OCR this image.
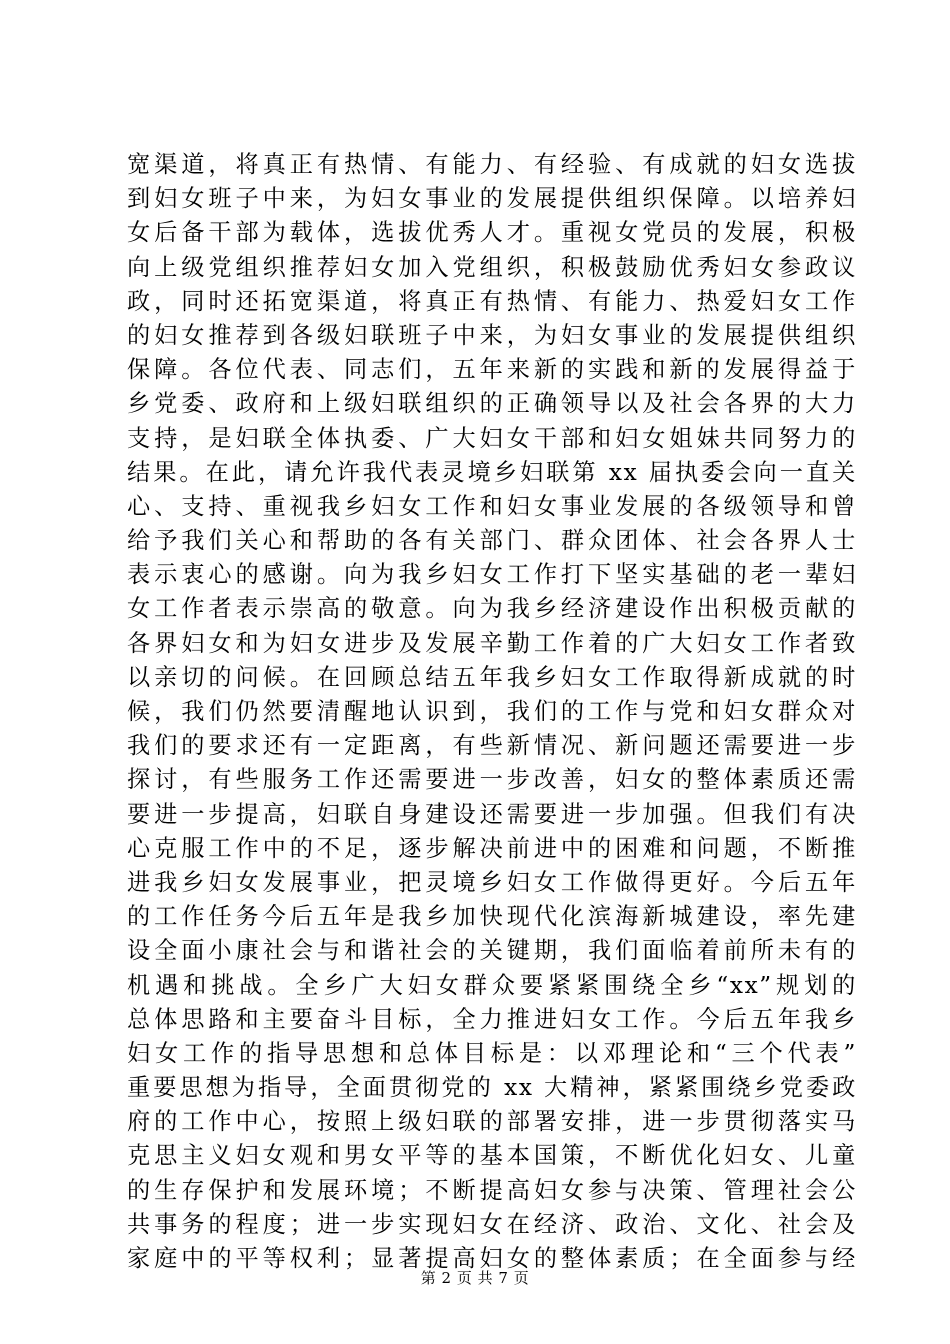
宽渠道，将真正有热情、有能力、有经验、有成就的妇女选拔
到妇女班子中来，为妇女事业的发展提供组织保障。以培养妇
女后备干部为载体，选拔优秀人才。重视女党员的发展，积极
向上级党组织推荐妇女加入党组织，积极鼓励优秀妇女参政议
政，同时还拓宽渠道，将真正有热情、有能力、热爱妇女工作
的妇女推荐到各级妇联班子中来，为妇女事业的发展提供组织
保障。各位代表、同志们，五年来新的实践和新的发展得益于
乡党委、政府和上级妇联组织的正确领导以及社会各界的大力
支持，是妇联全体执委、广大妇女干部和妇女姐妹共同努力的
结果。在此，请允许我代表灵境乡妇联第 xx 届执委会向一直关
心、支持、重视我乡妇女工作和妇女事业发展的各级领导和曾
给予我们关心和帮助的各有关部门、群众团体、社会各界人士
表示衷心的感谢。向为我乡妇女工作打下坚实基础的老一辈妇
女工作者表示崇高的敬意。向为我乡经济建设作出积极贡献的
各界妇女和为妇女进步及发展辛勤工作着的广大妇女工作者致
以亲切的问候。在回顾总结五年我乡妇女工作取得新成就的时
候，我们仍然要清醒地认识到，我们的工作与党和妇女群众对
我们的要求还有一定距离，有些新情况、新问题还需要进一步
探讨，有些服务工作还需要进一步改善，妇女的整体素质还需
要进一步提高，妇联自身建设还需要进一步加强。但我们有决
心克服工作中的不足，逐步解决前进中的困难和问题，不断推
进我乡妇女发展事业，把灵境乡妇女工作做得更好。今后五年
的工作任务今后五年是我乡加快现代化滨海新城建设，率先建
设全面小康社会与和谐社会的关键期，我们面临着前所未有的
机遇和挑战。全乡广大妇女群众要紧紧围绕全乡“xx”规划的
总体思路和主要奋斗目标，全力推进妇女工作。今后五年我乡
妇女工作的指导思想和总体目标是：以邓理论和“三个代表”
重要思想为指导，全面贯彻党的 xx 大精神，紧紧围绕乡党委政
府的工作中心，按照上级妇联的部署安排，进一步贯彻落实马
克思主义妇女观和男女平等的基本国策，不断优化妇女、儿童
的生存保护和发展环境；不断提高妇女参与决策、管理社会公
共事务的程度；进一步实现妇女在经济、政治、文化、社会及
家庭中的平等权利；显著提高妇女的整体素质；在全面参与经
第 2 页 共 7 页
